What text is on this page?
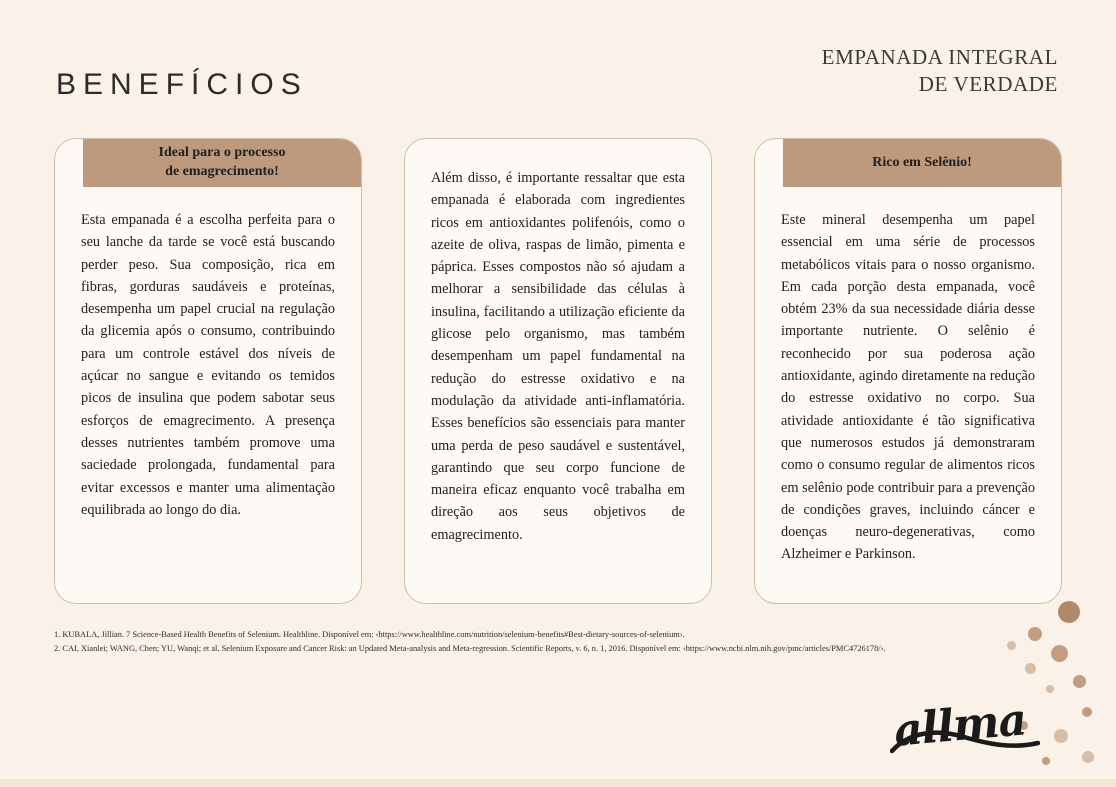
BENEFÍCIOS
EMPANADA INTEGRAL
DE VERDADE
Ideal para o processo
de emagrecimento!
Esta empanada é a escolha perfeita para o seu lanche da tarde se você está buscando perder peso. Sua composição, rica em fibras, gorduras saudáveis e proteínas, desempenha um papel crucial na regulação da glicemia após o consumo, contribuindo para um controle estável dos níveis de açúcar no sangue e evitando os temidos picos de insulina que podem sabotar seus esforços de emagrecimento. A presença desses nutrientes também promove uma saciedade prolongada, fundamental para evitar excessos e manter uma alimentação equilibrada ao longo do dia.
Além disso, é importante ressaltar que esta empanada é elaborada com ingredientes ricos em antioxidantes polifenóis, como o azeite de oliva, raspas de limão, pimenta e páprica. Esses compostos não só ajudam a melhorar a sensibilidade das células à insulina, facilitando a utilização eficiente da glicose pelo organismo, mas também desempenham um papel fundamental na redução do estresse oxidativo e na modulação da atividade anti-inflamatória. Esses benefícios são essenciais para manter uma perda de peso saudável e sustentável, garantindo que seu corpo funcione de maneira eficaz enquanto você trabalha em direção aos seus objetivos de emagrecimento.
Rico em Selênio!
Este mineral desempenha um papel essencial em uma série de processos metabólicos vitais para o nosso organismo. Em cada porção desta empanada, você obtém 23% da sua necessidade diária desse importante nutriente. O selênio é reconhecido por sua poderosa ação antioxidante, agindo diretamente na redução do estresse oxidativo no corpo. Sua atividade antioxidante é tão significativa que numerosos estudos já demonstraram como o consumo regular de alimentos ricos em selênio pode contribuir para a prevenção de condições graves, incluindo cáncer e doenças neuro-degenerativas, como Alzheimer e Parkinson.

1. KUBALA, Jillian. 7 Science-Based Health Benefits of Selenium. Healthline. Disponível em: ‹https://www.healthline.com/nutrition/selenium-benefits#Best-dietary-sources-of-selenium›.

2. CAI, Xianlei; WANG, Chen; YU, Wanqi; et al. Selenium Exposure and Cancer Risk: an Updated Meta-analysis and Meta-regression. Scientific Reports, v. 6, n. 1, 2016. Disponível em: ‹https://www.ncbi.nlm.nih.gov/pmc/articles/PMC4726178/›.

allma
